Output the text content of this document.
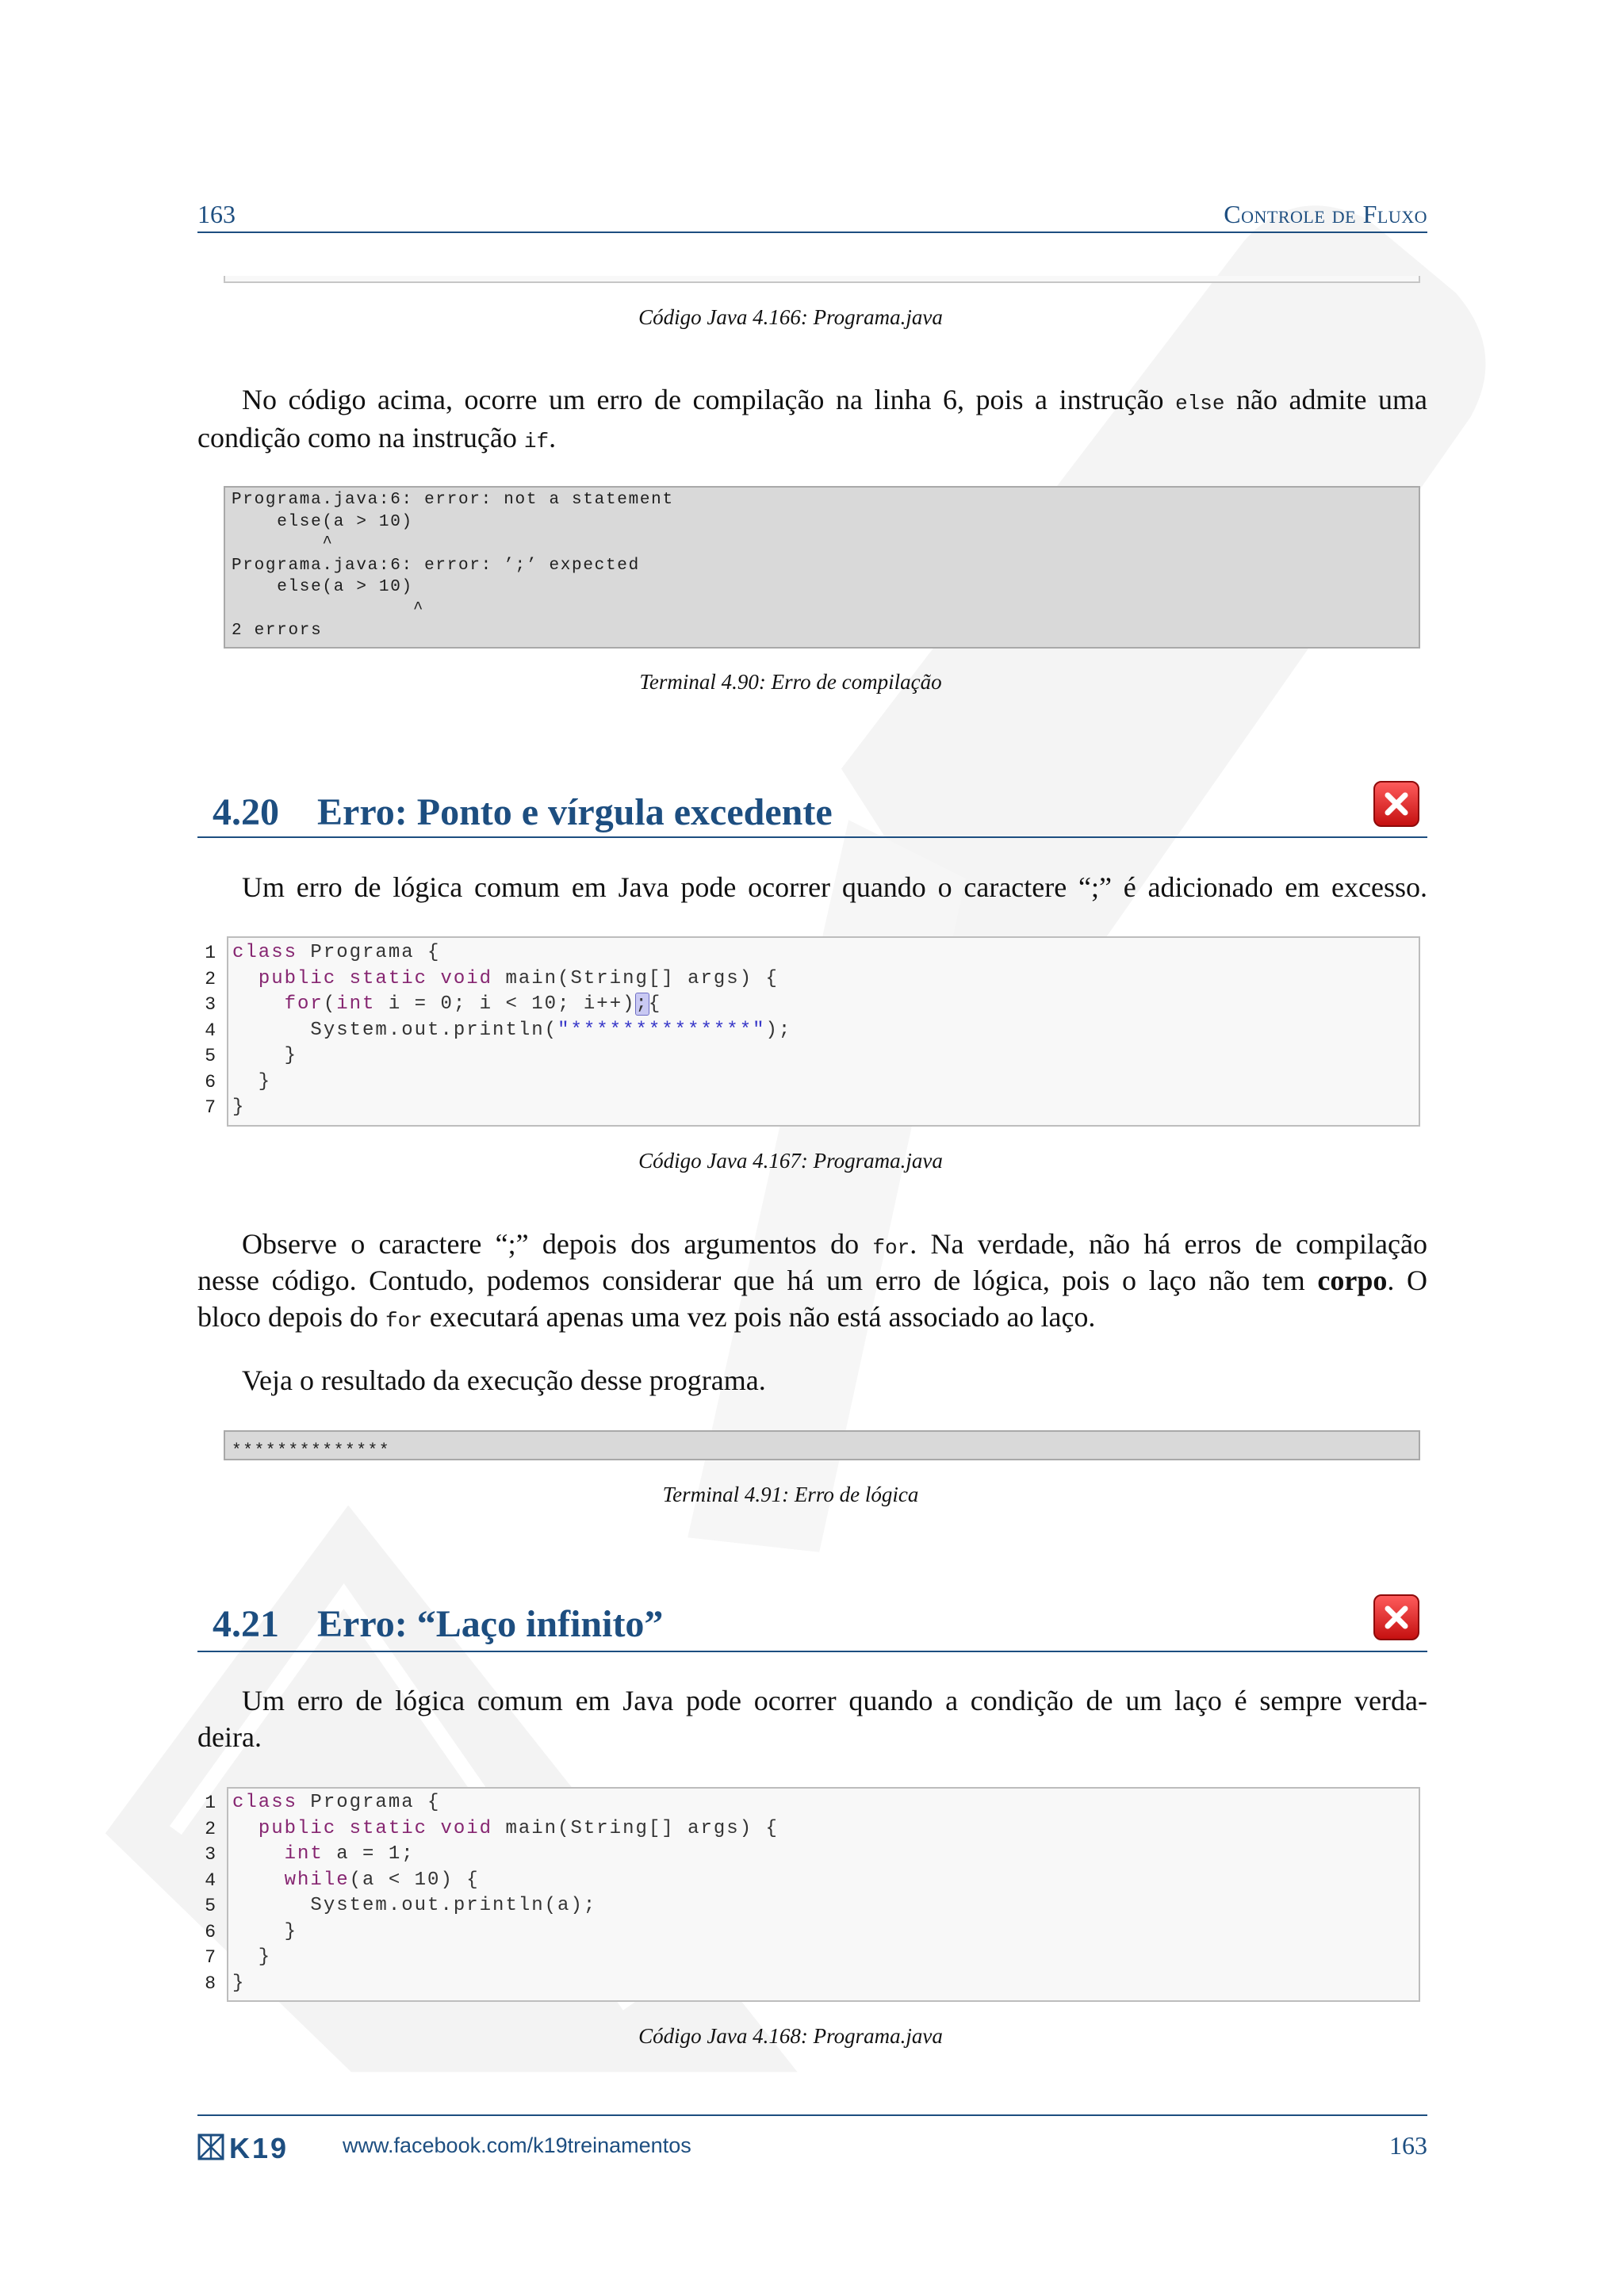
163	Controle de Fluxo
Código Java 4.166: Programa.java
No código acima, ocorre um erro de compilação na linha 6, pois a instrução else não admite uma
condição como na instrução if.
Programa.java:6: error: not a statement
else(a > 10)
^
Programa.java:6: error: ’;’ expected
else(a > 10)
^
2 errors
Terminal 4.90: Erro de compilação
4.20 Erro: Ponto e vírgula excedente
Um erro de lógica comum em Java pode ocorrer quando o caractere “;” é adicionado em excesso.
1 class Programa {
2	public static void main(String[] args) {
3	for(int i = 0; i < 10; i++);{
4 System.out.println("**************");
5 }
6 }
7 }
Código Java 4.167: Programa.java
Observe o caractere “;” depois dos argumentos do for. Na verdade, não há erros de compilação
nesse código. Contudo, podemos considerar que há um erro de lógica, pois o laço não tem corpo. O
bloco depois do for executará apenas uma vez pois não está associado ao laço.
Veja o resultado da execução desse programa.
**************
Terminal 4.91: Erro de lógica
4.21 Erro: “Laço infinito”
Um erro de lógica comum em Java pode ocorrer quando a condição de um laço é sempre verda-
deira.
1 class Programa {
2	public static void main(String[] args) {
3	int a = 1;
4	while(a < 10) {
5 System.out.println(a);
6 }
7 }
8 }
Código Java 4.168: Programa.java
K19	www.facebook.com/k19treinamentos	163
